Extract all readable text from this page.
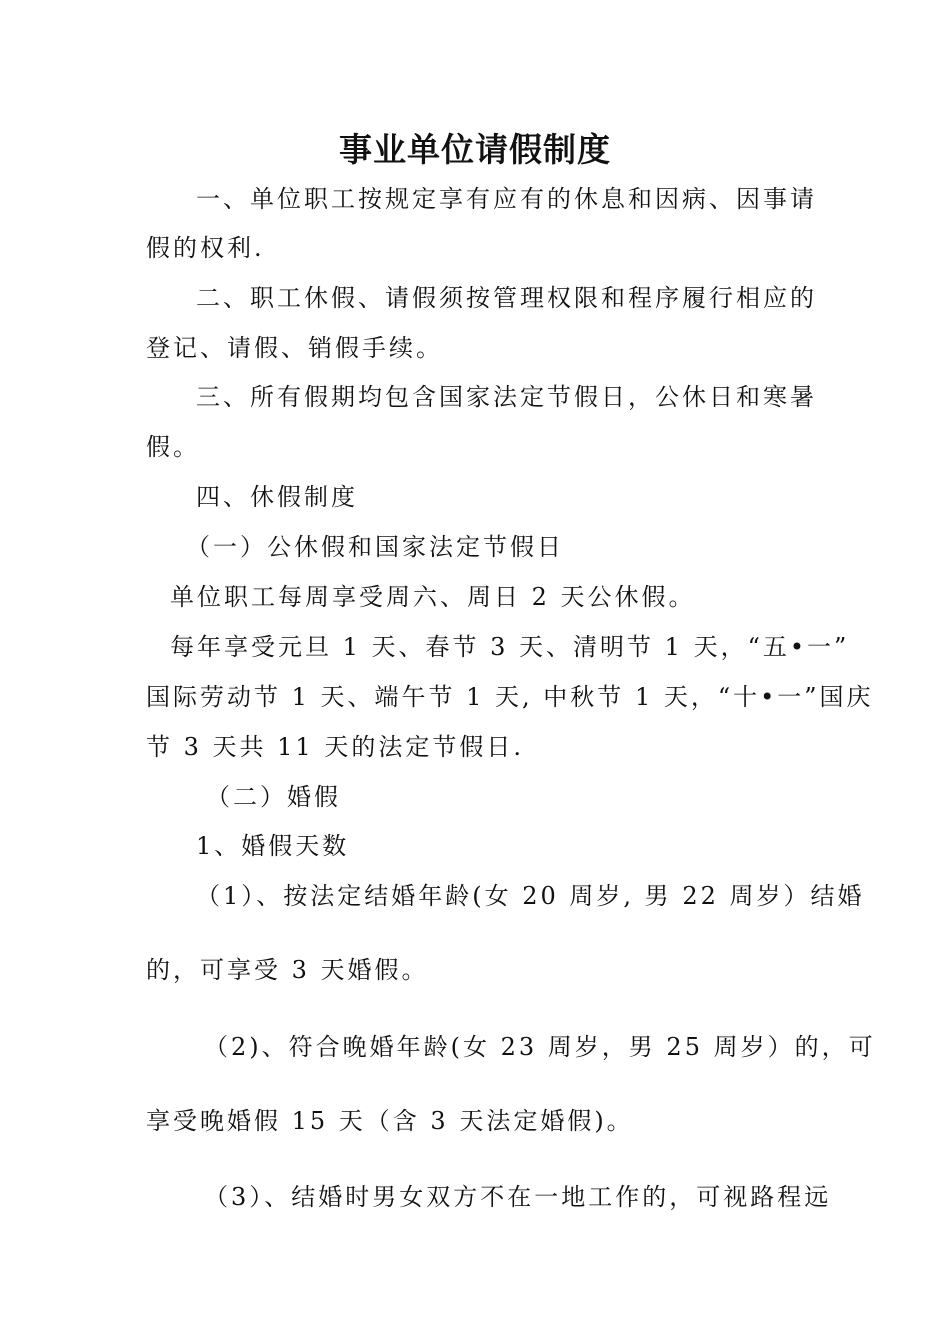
事业单位请假制度
一、单位职工按规定享有应有的休息和因病、因事请
假的权利.
二、职工休假、请假须按管理权限和程序履行相应的
登记、请假、销假手续。
三、所有假期均包含国家法定节假日，公休日和寒暑
假。
四、休假制度
（一）公休假和国家法定节假日
单位职工每周享受周六、周日 2 天公休假。
每年享受元旦 1 天、春节 3 天、清明节 1 天，“五•一”
国际劳动节 1 天、端午节 1 天, 中秋节 1 天，“十•一”国庆
节 3 天共 11 天的法定节假日.
（二）婚假
1、婚假天数
（1）、按法定结婚年龄(女 20 周岁, 男 22 周岁）结婚
的，可享受 3 天婚假。
（2)、符合晚婚年龄(女 23 周岁，男 25 周岁）的，可
享受晚婚假 15 天（含 3 天法定婚假)。
（3）、结婚时男女双方不在一地工作的，可视路程远
